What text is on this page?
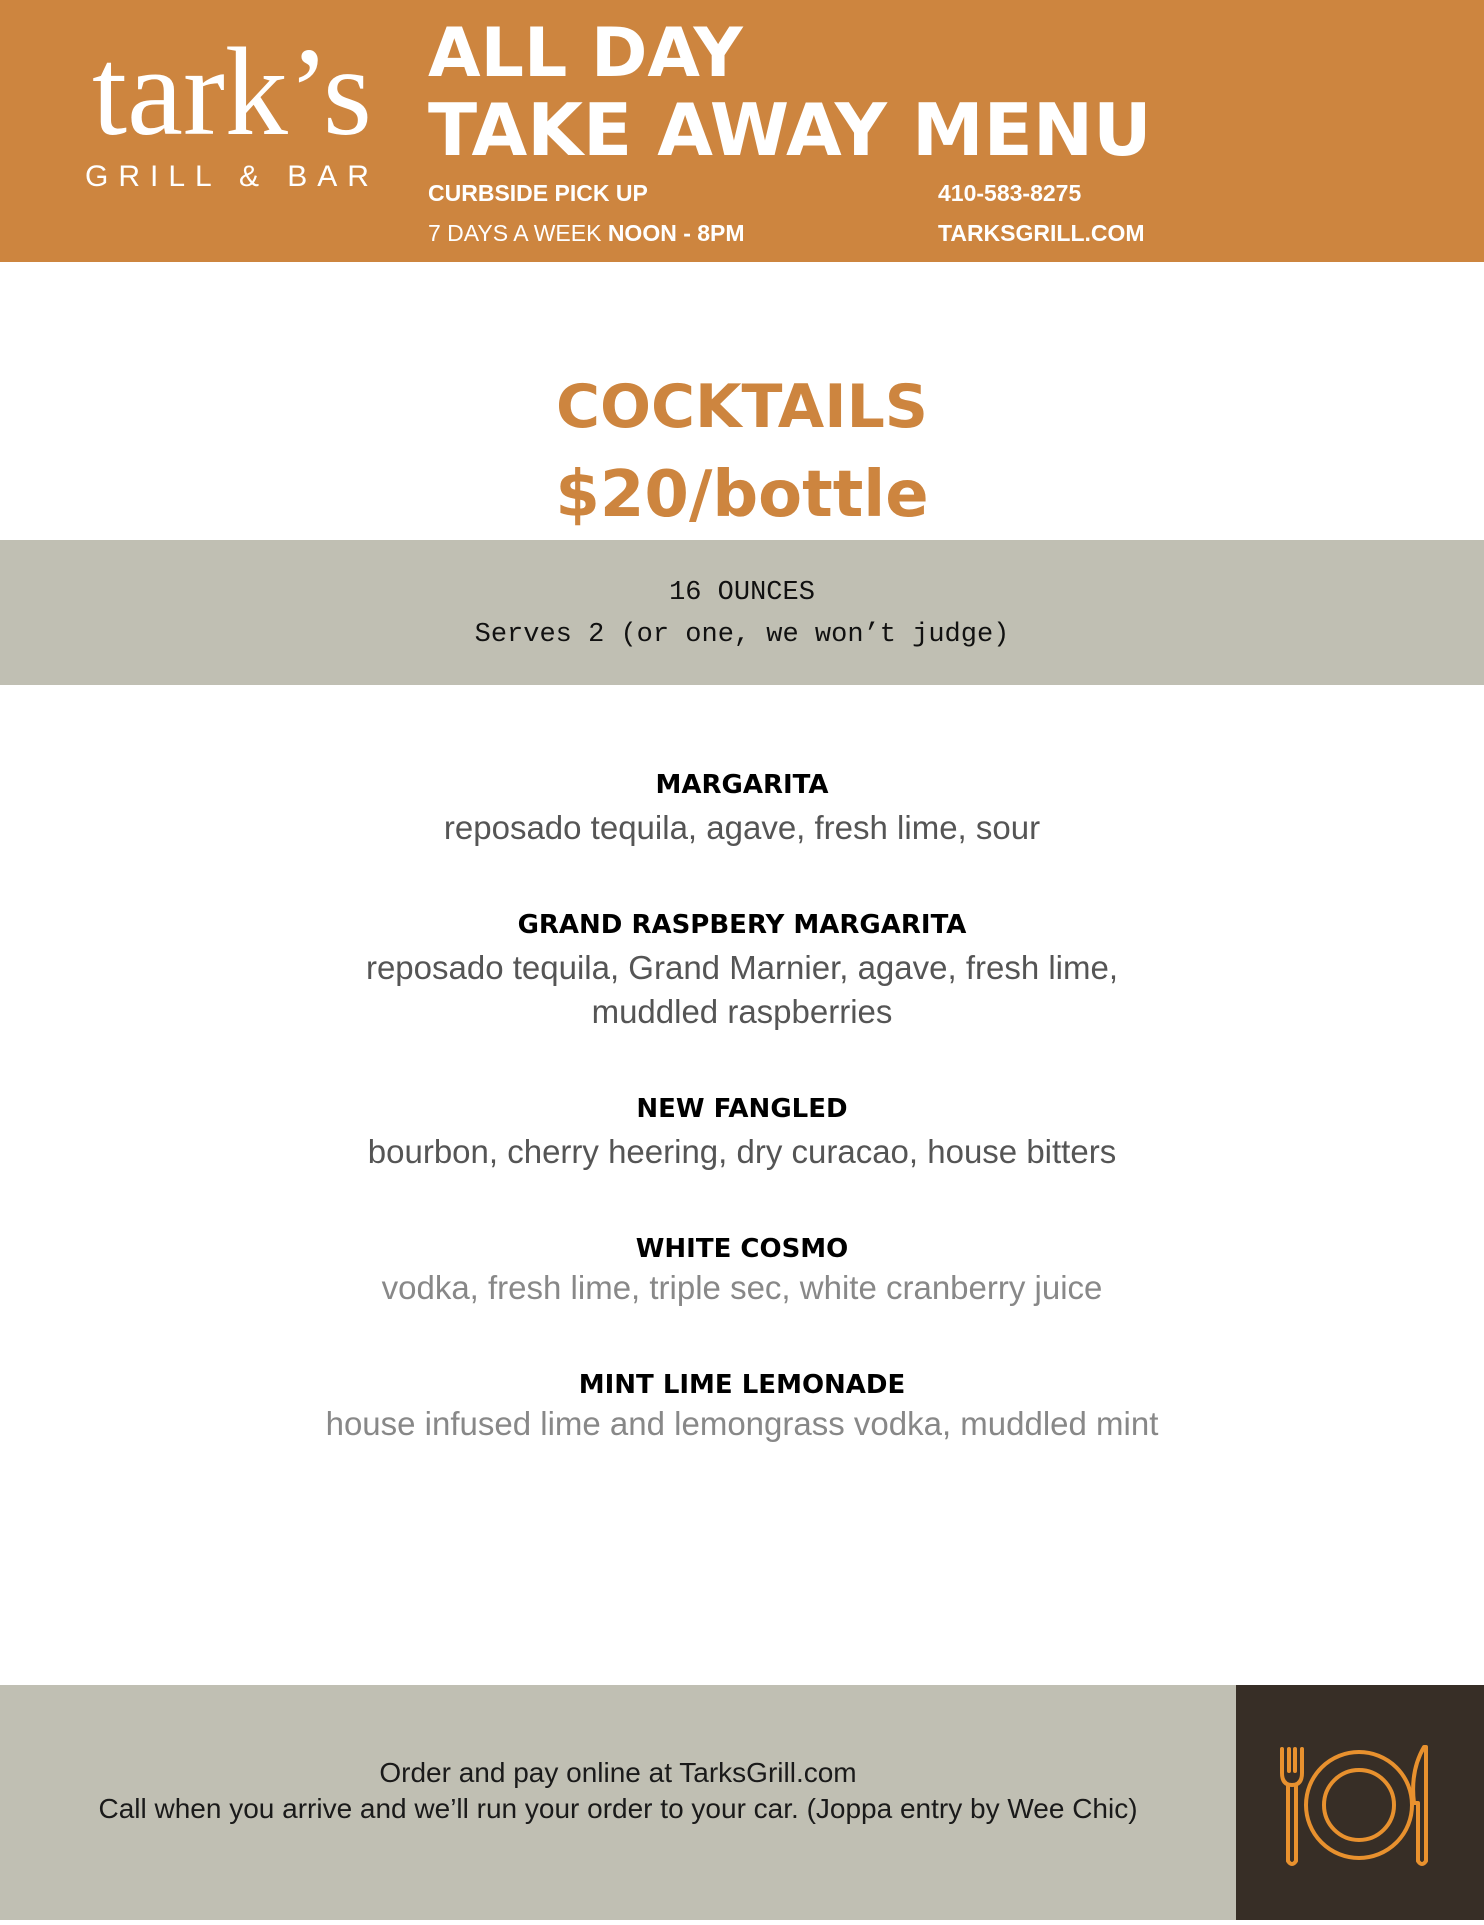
tark’s
GRILL & BAR
ALL DAY
TAKE AWAY MENU
CURBSIDE PICK UP
7 DAYS A WEEK NOON - 8PM
410-583-8275
TARKSGRILL.COM
COCKTAILS
$20/bottle
16 OUNCES
Serves 2 (or one, we won’t judge)
MARGARITA
reposado tequila, agave, fresh lime, sour
GRAND RASPBERY MARGARITA
reposado tequila, Grand Marnier, agave, fresh lime,
muddled raspberries
NEW FANGLED
bourbon, cherry heering, dry curacao, house bitters
WHITE COSMO
vodka, fresh lime, triple sec, white cranberry juice
MINT LIME LEMONADE
house infused lime and lemongrass vodka, muddled mint
Order and pay online at TarksGrill.com
Call when you arrive and we’ll run your order to your car. (Joppa entry by Wee Chic)
